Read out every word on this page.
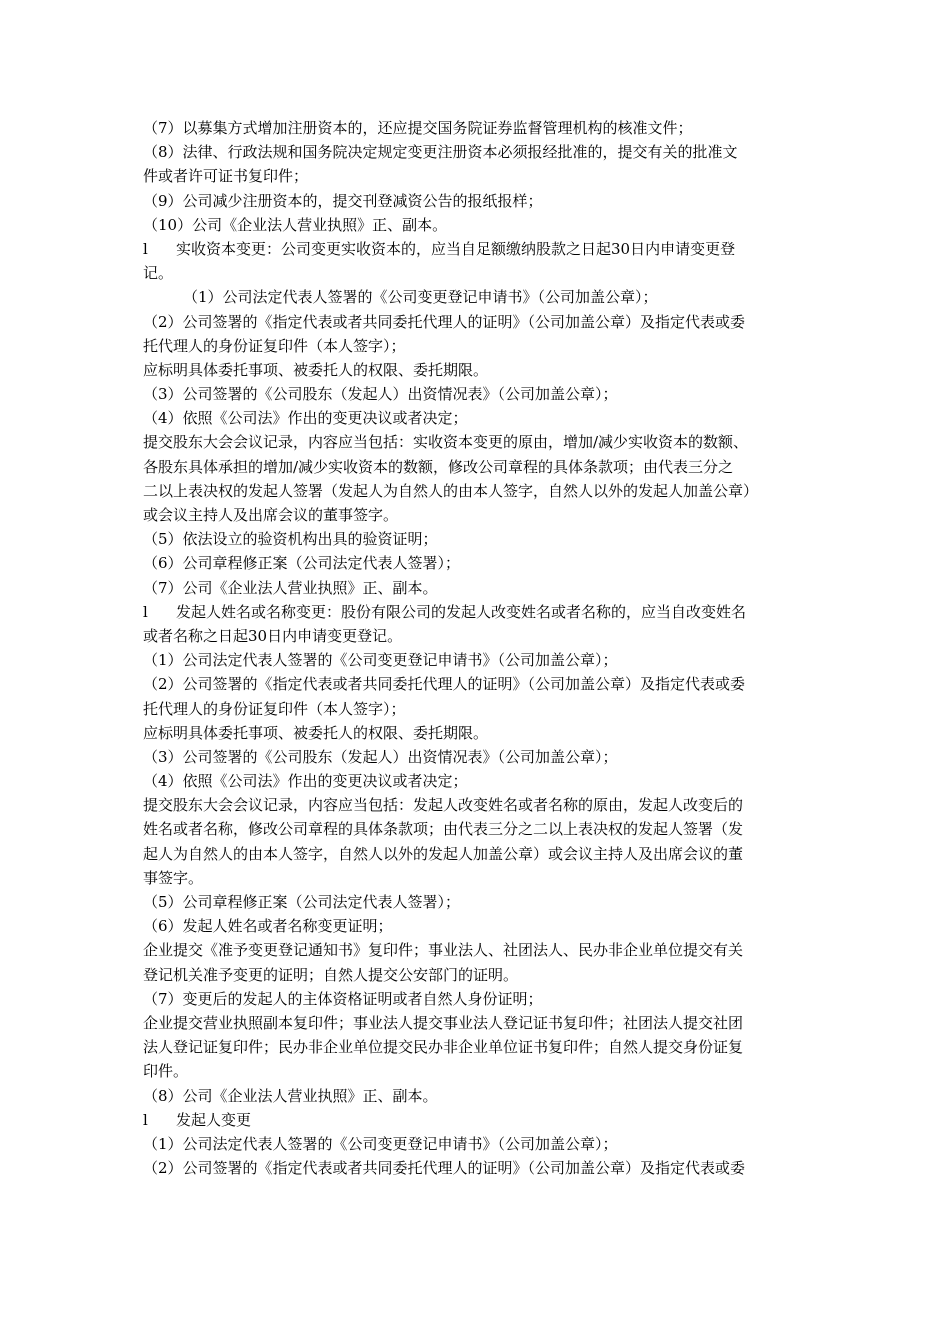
（7）以募集方式增加注册资本的，还应提交国务院证券监督管理机构的核准文件；
（8）法律、行政法规和国务院决定规定变更注册资本必须报经批准的，提交有关的批准文
件或者许可证书复印件；
（9）公司减少注册资本的，提交刊登减资公告的报纸报样；
（10）公司《企业法人营业执照》正、副本。
l 实收资本变更：公司变更实收资本的，应当自足额缴纳股款之日起30日内申请变更登
记。
（1）公司法定代表人签署的《公司变更登记申请书》（公司加盖公章）；
（2）公司签署的《指定代表或者共同委托代理人的证明》（公司加盖公章）及指定代表或委
托代理人的身份证复印件（本人签字）；
应标明具体委托事项、被委托人的权限、委托期限。
（3）公司签署的《公司股东（发起人）出资情况表》（公司加盖公章）；
（4）依照《公司法》作出的变更决议或者决定；
提交股东大会会议记录，内容应当包括：实收资本变更的原由，增加/减少实收资本的数额、
各股东具体承担的增加/减少实收资本的数额，修改公司章程的具体条款项；由代表三分之
二以上表决权的发起人签署（发起人为自然人的由本人签字，自然人以外的发起人加盖公章）
或会议主持人及出席会议的董事签字。
（5）依法设立的验资机构出具的验资证明；
（6）公司章程修正案（公司法定代表人签署）；
（7）公司《企业法人营业执照》正、副本。
l 发起人姓名或名称变更：股份有限公司的发起人改变姓名或者名称的，应当自改变姓名
或者名称之日起30日内申请变更登记。
（1）公司法定代表人签署的《公司变更登记申请书》（公司加盖公章）；
（2）公司签署的《指定代表或者共同委托代理人的证明》（公司加盖公章）及指定代表或委
托代理人的身份证复印件（本人签字）；
应标明具体委托事项、被委托人的权限、委托期限。
（3）公司签署的《公司股东（发起人）出资情况表》（公司加盖公章）；
（4）依照《公司法》作出的变更决议或者决定；
提交股东大会会议记录，内容应当包括：发起人改变姓名或者名称的原由，发起人改变后的
姓名或者名称，修改公司章程的具体条款项；由代表三分之二以上表决权的发起人签署（发
起人为自然人的由本人签字，自然人以外的发起人加盖公章）或会议主持人及出席会议的董
事签字。
（5）公司章程修正案（公司法定代表人签署）；
（6）发起人姓名或者名称变更证明；
企业提交《准予变更登记通知书》复印件；事业法人、社团法人、民办非企业单位提交有关
登记机关准予变更的证明；自然人提交公安部门的证明。
（7）变更后的发起人的主体资格证明或者自然人身份证明；
企业提交营业执照副本复印件；事业法人提交事业法人登记证书复印件；社团法人提交社团
法人登记证复印件；民办非企业单位提交民办非企业单位证书复印件；自然人提交身份证复
印件。
（8）公司《企业法人营业执照》正、副本。
l 发起人变更
（1）公司法定代表人签署的《公司变更登记申请书》（公司加盖公章）；
（2）公司签署的《指定代表或者共同委托代理人的证明》（公司加盖公章）及指定代表或委
